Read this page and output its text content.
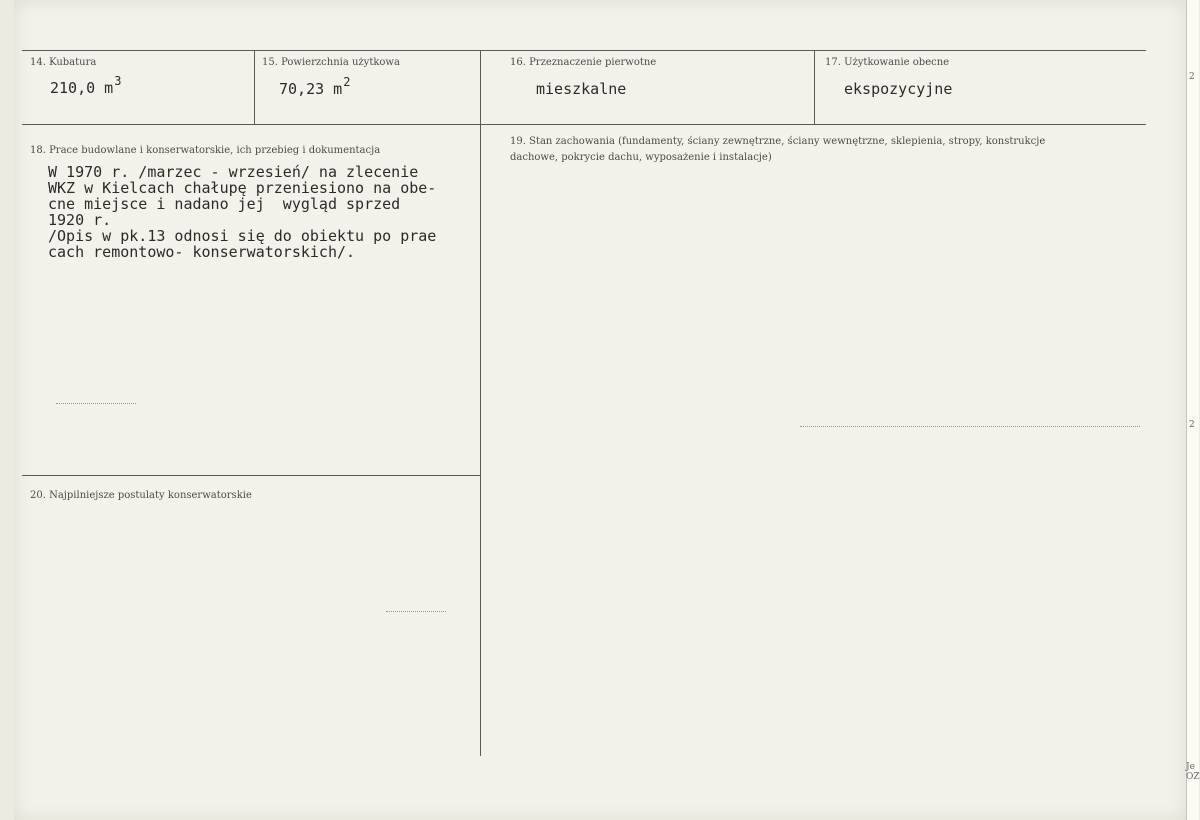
14. Kubatura

210,0 $m^3$

15. Powierzchnia użytkowa

70,23 $m^2$

16. Przeznaczenie pierwotne

mieszkalne

17. Użytkowanie obecne

ekspozycyjne

18. Prace budowlane i konserwatorskie, ich przebieg i dokumentacja

W 1970 r. /marzec - wrzesień/ na zlecenie
WKZ w Kielcach chałupę przeniesiono na obe-
cne miejsce i nadano jej  wygląd sprzed
1920 r.
/Opis w pk.13 odnosi się do obiektu po prae
cach remontowo- konserwatorskich/.

19. Stan zachowania (fundamenty, ściany zewnętrzne, ściany wewnętrzne, sklepienia, stropy, konstrukcje dachowe, pokrycie dachu, wyposażenie i instalacje)

20. Najpilniejsze postulaty konserwatorskie

2

2

Je

OZ
